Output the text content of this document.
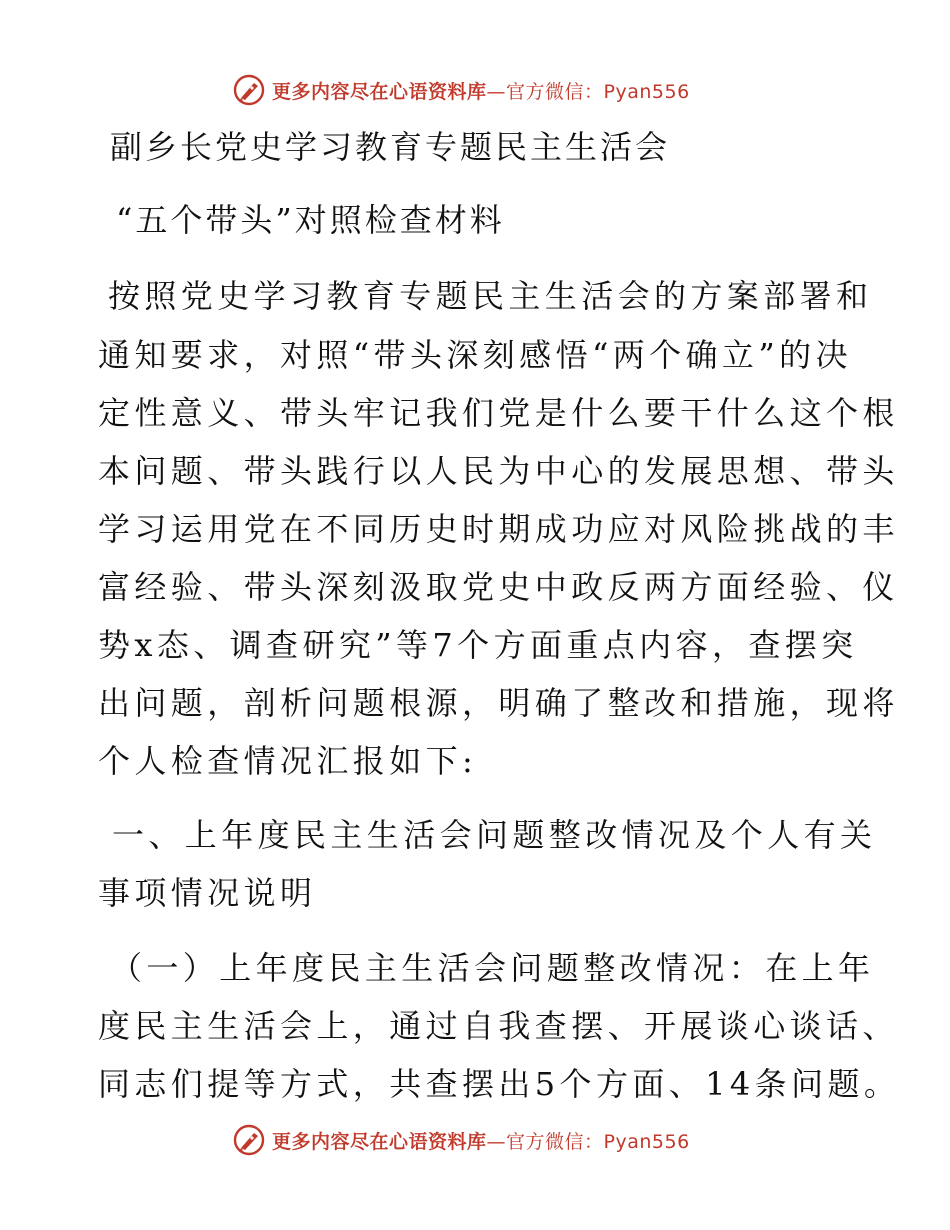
更多内容尽在心语资料库 —官方微信：Pyan556
副乡长党史学习教育专题民主生活会
“五个带头”对照检查材料
按照党史学习教育专题民主生活会的方案部署和
通知要求，对照“带头深刻感悟“两个确立”的决
定性意义、带头牢记我们党是什么要干什么这个根
本问题、带头践行以人民为中心的发展思想、带头
学习运用党在不同历史时期成功应对风险挑战的丰
富经验、带头深刻汲取党史中政反两方面经验、仪
势x态、调查研究”等7个方面重点内容，查摆突
出问题，剖析问题根源，明确了整改和措施，现将
个人检查情况汇报如下:
一、上年度民主生活会问题整改情况及个人有关
事项情况说明
（一）上年度民主生活会问题整改情况：在上年
度民主生活会上，通过自我查摆、开展谈心谈话、
同志们提等方式，共查摆出5个方面、14条问题。
更多内容尽在心语资料库 —官方微信：Pyan556
